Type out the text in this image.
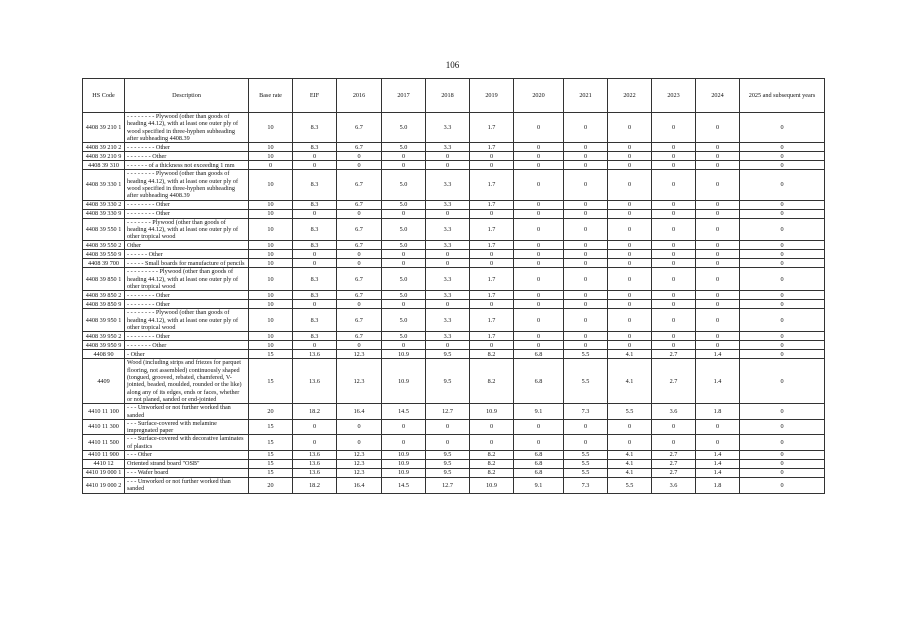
106
HS Code	Description	Base rate	EIF	2016	2017	2018	2019	2020	2021	2022	2023	2024	2025 and subsequent years
4408 39 210 1	- - - - - - - - Plywood (other than goods of heading 44.12), with at least one outer ply of wood specified in three-hyphen subheading after subheading 4408.39	10	8.3	6.7	5.0	3.3	1.7	0	0	0	0	0	0
4408 39 210 2	- - - - - - - - Other	10	8.3	6.7	5.0	3.3	1.7	0	0	0	0	0	0
4408 39 210 9	- - - - - - - Other	10	0	0	0	0	0	0	0	0	0	0	0
4408 39 310	- - - - - - of a thickness not exceeding 1 mm	0	0	0	0	0	0	0	0	0	0	0	0
4408 39 330 1	- - - - - - - - Plywood (other than goods of heading 44.12), with at least one outer ply of wood specified in three-hyphen subheading after subheading 4408.39	10	8.3	6.7	5.0	3.3	1.7	0	0	0	0	0	0
4408 39 330 2	- - - - - - - - Other	10	8.3	6.7	5.0	3.3	1.7	0	0	0	0	0	0
4408 39 330 9	- - - - - - - - Other	10	0	0	0	0	0	0	0	0	0	0	0
4408 39 550 1	- - - - - - - Plywood (other than goods of heading 44.12), with at least one outer ply of other tropical wood	10	8.3	6.7	5.0	3.3	1.7	0	0	0	0	0	0
4408 39 550 2	Other	10	8.3	6.7	5.0	3.3	1.7	0	0	0	0	0	0
4408 39 550 9	- - - - - - Other	10	0	0	0	0	0	0	0	0	0	0	0
4408 39 700	- - - - - Small boards for manufacture of pencils	10	0	0	0	0	0	0	0	0	0	0	0
4408 39 850 1	- - - - - - - - - Plywood (other than goods of heading 44.12), with at least one outer ply of other tropical wood	10	8.3	6.7	5.0	3.3	1.7	0	0	0	0	0	0
4408 39 850 2	- - - - - - - - Other	10	8.3	6.7	5.0	3.3	1.7	0	0	0	0	0	0
4408 39 850 9	- - - - - - - - Other	10	0	0	0	0	0	0	0	0	0	0	0
4408 39 950 1	- - - - - - - - Plywood (other than goods of heading 44.12), with at least one outer ply of other tropical wood	10	8.3	6.7	5.0	3.3	1.7	0	0	0	0	0	0
4408 39 950 2	- - - - - - - - Other	10	8.3	6.7	5.0	3.3	1.7	0	0	0	0	0	0
4408 39 950 9	- - - - - - - Other	10	0	0	0	0	0	0	0	0	0	0	0
4408 90	- Other	15	13.6	12.3	10.9	9.5	8.2	6.8	5.5	4.1	2.7	1.4	0
4409	Wood (including strips and friezes for parquet flooring, not assembled) continuously shaped (tongued, grooved, rebated, chamfered, V-jointed, beaded, moulded, rounded or the like) along any of its edges, ends or faces, whether or not planed, sanded or end-jointed	15	13.6	12.3	10.9	9.5	8.2	6.8	5.5	4.1	2.7	1.4	0
4410 11 100	- - - Unworked or not further worked than sanded	20	18.2	16.4	14.5	12.7	10.9	9.1	7.3	5.5	3.6	1.8	0
4410 11 300	- - - Surface-covered with melamine impregnated paper	15	0	0	0	0	0	0	0	0	0	0	0
4410 11 500	- - - Surface-covered with decorative laminates of plastics	15	0	0	0	0	0	0	0	0	0	0	0
4410 11 900	- - - Other	15	13.6	12.3	10.9	9.5	8.2	6.8	5.5	4.1	2.7	1.4	0
4410 12	Oriented strand board "OSB"	15	13.6	12.3	10.9	9.5	8.2	6.8	5.5	4.1	2.7	1.4	0
4410 19 000 1	- - - Wafer board	15	13.6	12.3	10.9	9.5	8.2	6.8	5.5	4.1	2.7	1.4	0
4410 19 000 2	- - - Unworked or not further worked than sanded	20	18.2	16.4	14.5	12.7	10.9	9.1	7.3	5.5	3.6	1.8	0
